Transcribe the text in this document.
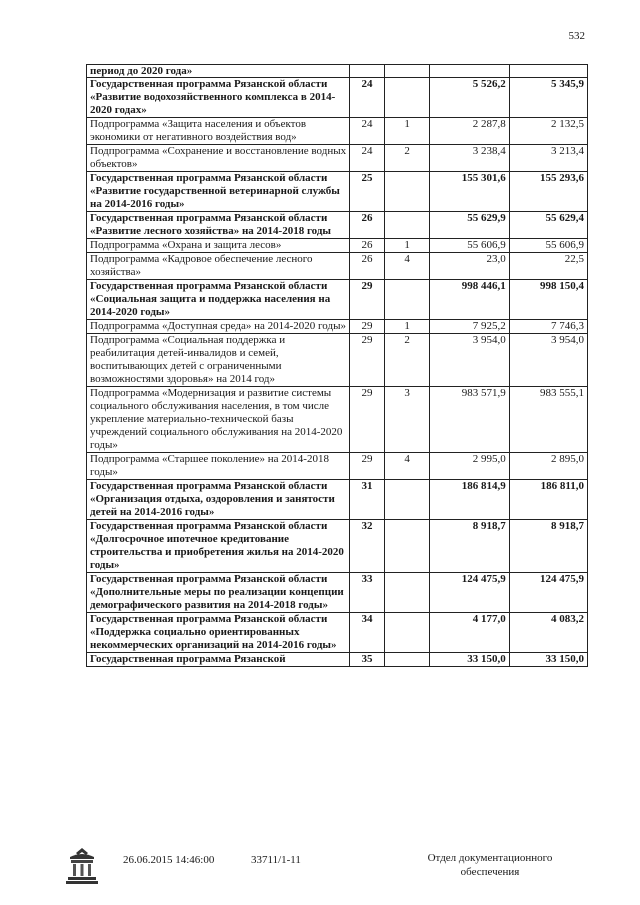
532
период до 2020 года»				
Государственная программа Рязанской области «Развитие водохозяйственного комплекса в 2014-2020 годах»	24		5 526,2	5 345,9
Подпрограмма «Защита населения и объектов экономики от негативного воздействия вод»	24	1	2 287,8	2 132,5
Подпрограмма «Сохранение и восстановление водных объектов»	24	2	3 238,4	3 213,4
Государственная программа Рязанской области «Развитие государственной ветеринарной службы на 2014-2016 годы»	25		155 301,6	155 293,6
Государственная программа Рязанской области «Развитие лесного хозяйства» на 2014-2018 годы	26		55 629,9	55 629,4
Подпрограмма «Охрана и защита лесов»	26	1	55 606,9	55 606,9
Подпрограмма «Кадровое обеспечение лесного хозяйства»	26	4	23,0	22,5
Государственная программа Рязанской области «Социальная защита и поддержка населения на 2014-2020 годы»	29		998 446,1	998 150,4
Подпрограмма «Доступная среда» на 2014-2020 годы»	29	1	7 925,2	7 746,3
Подпрограмма «Социальная поддержка и реабилитация детей-инвалидов и семей, воспитывающих детей с ограниченными возможностями здоровья» на 2014 год»	29	2	3 954,0	3 954,0
Подпрограмма «Модернизация и развитие системы социального обслуживания населения, в том числе укрепление материально-технической базы учреждений социального обслуживания на 2014-2020 годы»	29	3	983 571,9	983 555,1
Подпрограмма «Старшее поколение» на 2014-2018 годы»	29	4	2 995,0	2 895,0
Государственная программа Рязанской области «Организация отдыха, оздоровления и занятости детей на 2014-2016 годы»	31		186 814,9	186 811,0
Государственная программа Рязанской области «Долгосрочное ипотечное кредитование строительства и приобретения жилья на 2014-2020 годы»	32		8 918,7	8 918,7
Государственная программа Рязанской области «Дополнительные меры по реализации концепции демографического развития на 2014-2018 годы»	33		124 475,9	124 475,9
Государственная программа Рязанской области «Поддержка социально ориентированных некоммерческих организаций на 2014-2016 годы»	34		4 177,0	4 083,2
Государственная программа Рязанской	35		33 150,0	33 150,0
26.06.2015 14:46:00	33711/1-11	Отдел документационного
обеспечения
